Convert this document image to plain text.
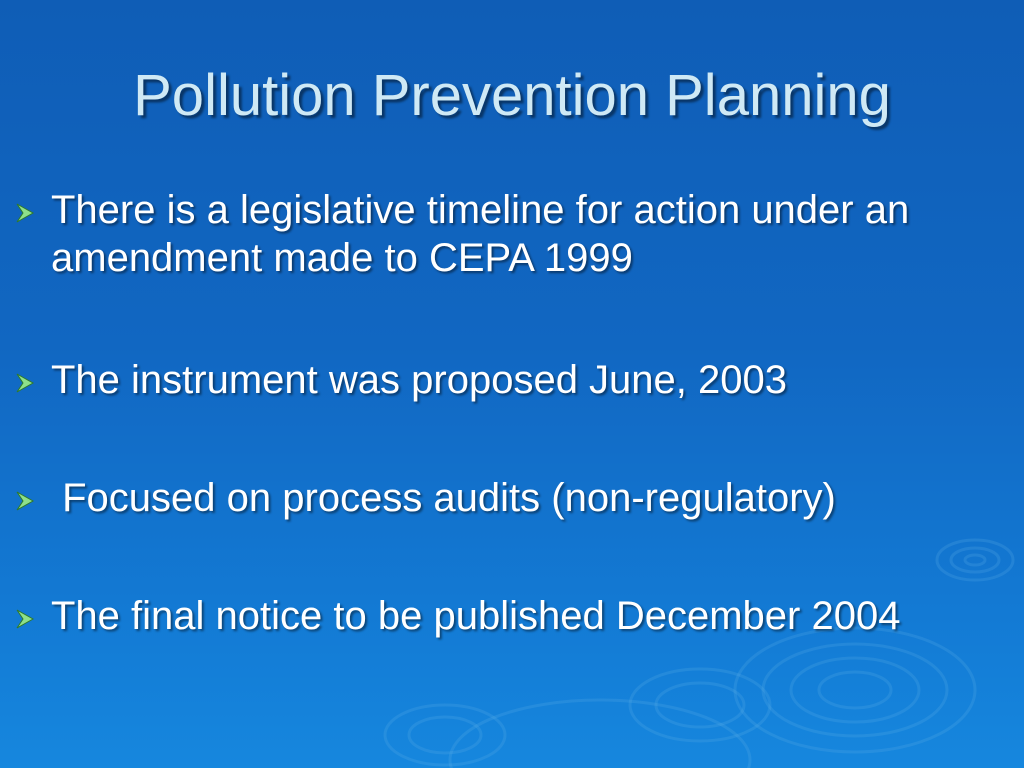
Pollution Prevention Planning
There is a legislative timeline for action under an amendment made to CEPA 1999
The instrument was proposed June, 2003
Focused on process audits (non-regulatory)
The final notice to be published December 2004
